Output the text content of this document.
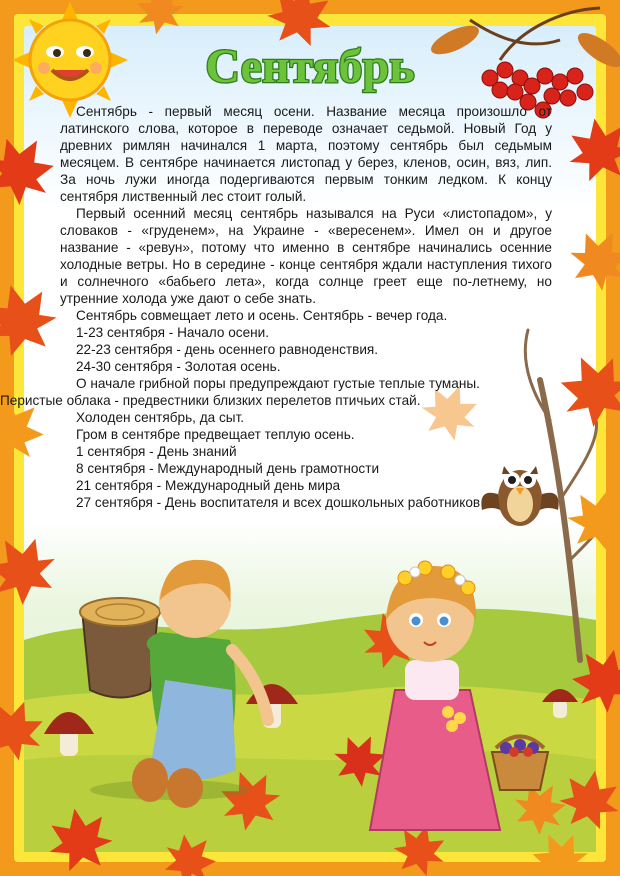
Сентябрь

Сентябрь - первый месяц осени. Название месяца произошло от латинского слова, которое в переводе означает седьмой. Новый Год у древних римлян начинался 1 марта, поэтому сентябрь был седьмым месяцем. В сентябре начинается листопад у берез, кленов, осин, вяз, лип. За ночь лужи иногда подергиваются первым тонким ледком. К концу сентября лиственный лес стоит голый.

Первый осенний месяц сентябрь назывался на Руси «листопадом», у словаков - «груденем», на Украине - «вересенем». Имел он и другое название - «ревун», потому что именно в сентябре начинались осенние холодные ветры. Но в середине - конце сентября ждали наступления тихого и солнечного «бабьего лета», когда солнце греет еще по-летнему, но утренние холода уже дают о себе знать.

Сентябрь совмещает лето и осень. Сентябрь - вечер года.

1-23 сентября - Начало осени.

22-23 сентября - день осеннего равноденствия.

24-30 сентября - Золотая осень.

О начале грибной поры предупреждают густые теплые туманы.

Перистые облака - предвестники близких перелетов птичьих стай.

Холоден сентябрь, да сыт.

Гром в сентябре предвещает теплую осень.

1 сентября - День знаний

8 сентября - Международный день грамотности

21 сентября - Международный день мира

27 сентября - День воспитателя и всех дошкольных работников
